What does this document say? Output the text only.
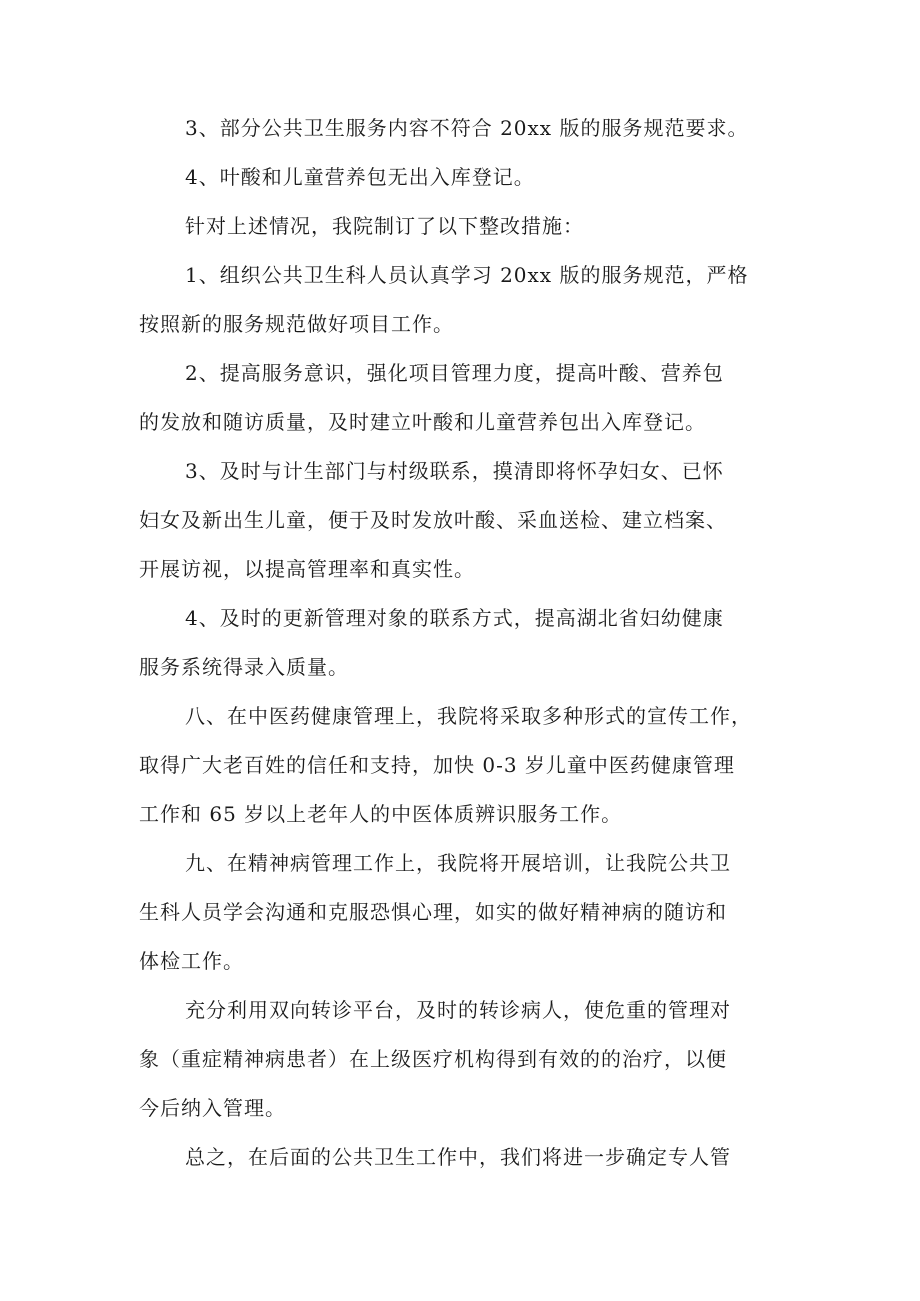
3、部分公共卫生服务内容不符合 20xx 版的服务规范要求。
4、叶酸和儿童营养包无出入库登记。
针对上述情况，我院制订了以下整改措施：
1、组织公共卫生科人员认真学习 20xx 版的服务规范，严格
按照新的服务规范做好项目工作。
2、提高服务意识，强化项目管理力度，提高叶酸、营养包
的发放和随访质量，及时建立叶酸和儿童营养包出入库登记。
3、及时与计生部门与村级联系，摸清即将怀孕妇女、已怀
妇女及新出生儿童，便于及时发放叶酸、采血送检、建立档案、
开展访视，以提高管理率和真实性。
4、及时的更新管理对象的联系方式，提高湖北省妇幼健康
服务系统得录入质量。
八、在中医药健康管理上，我院将采取多种形式的宣传工作，
取得广大老百姓的信任和支持，加快 0-3 岁儿童中医药健康管理
工作和 65 岁以上老年人的中医体质辨识服务工作。
九、在精神病管理工作上，我院将开展培训，让我院公共卫
生科人员学会沟通和克服恐惧心理，如实的做好精神病的随访和
体检工作。
充分利用双向转诊平台，及时的转诊病人，使危重的管理对
象（重症精神病患者）在上级医疗机构得到有效的的治疗，以便
今后纳入管理。
总之，在后面的公共卫生工作中，我们将进一步确定专人管
